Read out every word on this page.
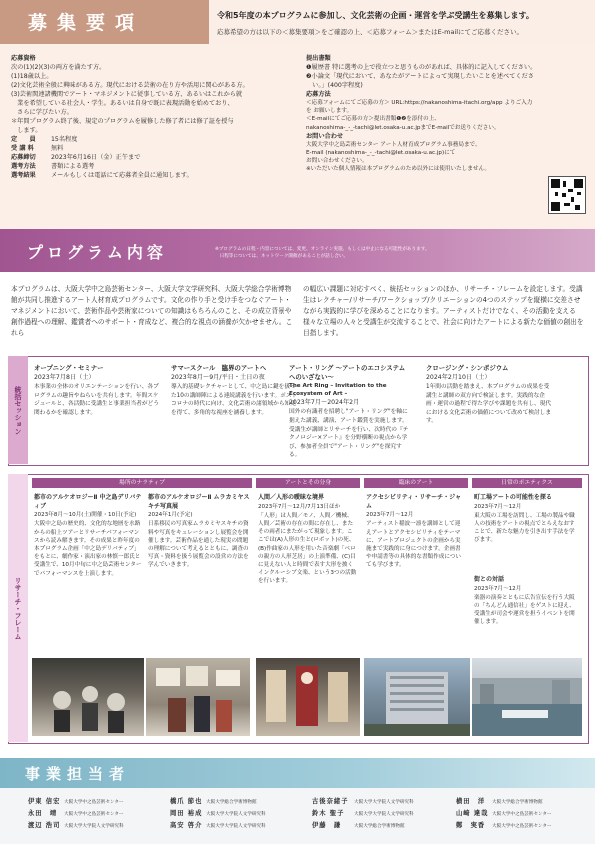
募集要項	令和5年度の本プログラムに参加し、文化芸術の企画・運営を学ぶ受講生を募集します。
応募希望の方は以下の＜募集要項＞をご確認の上、＜応募フォーム＞またはE-mailにてご応募ください。
応募資格
次の(1)(2)(3)の両方を満たす方。
(1)18歳以上。
(2)文化芸術全般に興味がある方。現代における芸術の在り方や活用に関心がある方。
(3)芸術関連諸機関でアート・マネジメントに従事している方、あるいはこれから就
　業を希望している社会人・学生。あるいは自身で既に表現活動を始めており、
　さらに学びたい方。
＊年間プログラム終了後、規定のプログラムを履修した修了者には修了証を授与
　します。
定　　員	15名程度
受 講 料	無料
応募締切	2023年6月16日（金）正午まで
選考方法	書類による選考
選考結果	メールもしくは電話にて応募者全員に通知します。
提出書類
❶履歴書 特に選考の上で役立つと思うものがあれば、具体的に記入してください。
❷小論文「現代において、あなたがアートによって実現したいことを述べてくださ
　い。」(400字程度)
応募方法
＜応募フォームにてご応募の方＞ URL:https://nakanoshima-itachi.org/app よりご入力
を お願いします。
＜E-mailにてご応募の方＞提出書類❶❷を添付の上、
nakanoshima-_-_-tachi@let.osaka-u.ac.jpまでE-mailでお送りください。
お問い合わせ
大阪大学中之島芸術センター アート人材育成プログラム事務局まで、
E-mail (nakanoshima-_-_-tachi@let.osaka-u.ac.jp)にて
お問い合わせください。
※いただいた個人情報は本プログラムのため以外には使用いたしません。
プログラム内容	※プログラムの日程・内容については、変更、オンライン実施、もしくは中止になる可能性があります。
　日程等については、ネットワーク開催があることが話し合い。
本プログラムは、大阪大学中之島芸術センター、大阪大学文学研究科、大阪大学総合学術博物館が共同し推進するアート人材育成プログラムです。文化の作り手と受け手をつなぐアート・マネジメントにおいて、芸術作品や芸術家についての知識はもちろんのこと、その成立背景や創作過程への理解、鑑賞者へのサポート・育成など、複合的な視点の涵養が欠かせません。これら
の幅広い課題に対応すべく、統括セッションのほか、リサーチ・フレームを設定します。受講生はレクチャー/リサーチ/ワークショップ/クリエーションの4つのステップを縦横に交差させながら実践的に学びを深めることになります。アーティストだけでなく、その活動を支える様々な立場の人々と受講生が交流することで、社会に向けたアートによる新たな価値の創出を目指します。
統括セッション
オープニング・セミナー
2023年7月8日（土）
本事業の全体のオリエンテーションを行い、各プログラムの趣旨やねらいを共有します。年間スケジュールと、各活動に受講生と事業担当者がどう関わるかを確認します。
サマースクール　臨界のアートへ
2023年8月〜9月/平日・土日の夜
導入的基礎レクチャーとして、中之島に鍵を扱った10の講師陣による連続講義を行います。ポストコロナの時代に向け、文化芸術の諸領域から知見を得て、多角的な視座を涵養します。
アート・リング 〜アートのエコシステムへのいざない〜
The Art Ring – Invitation to the Ecosystem of Art –
2023年7月〜2024年2月
国外の有識者を招聘し"アート・リング"を軸に据えた講義、講演、アート鑑賞を実施します。受講生が講師とリサーチを行い、次時代の『テクノロジー×アート』を分野横断の視点から学び、参加者全員で"アート・リング"を探究する。
クロージング・シンポジウム
2024年2月10日（土）
1年間の活動を踏まえ、本プログラムの成果を受講生と講師の双方向で検証します。実践的な企画・運営の過程で得た学びや課題を共有し、現代における文化芸術の価値について改めて検討します。
リサーチ・フレーム
場所のナラティブ	アートとその分身	臨床のアート	日常のポエティクス
都市のアルケオロジーⅡ 中之島デリバティブ
2023年8月〜10月(土)開催・10日(予定)
大阪中之島の歴史的、文化的な地層を水路からの船上ツアーとリサーチパフォーマンスから読み解きます。その成果と昨年度の本プログラム企画「中之島デリバティブ」をもとに、劇作家・演出家の林慎一郎氏と受講生で、10月中旬に中之島芸術センターでパフォーマンスを上演します。
都市のアルケオロジーⅡ ムラカミヤスキチ写真展
2024年1月(予定)
日系移民の写真家ムラカミヤスキチの資料や写真をキュレーションし展覧会を開催します。芸術作品を通した現実の問題の理解について考えるとともに、調査の写真・資料を扱う展覧会の設営の方法を学んでいきます。
人間／人形の曖昧な境界
2023年7月〜12月/7月13日ほか
「人形」は人間／モノ、人間／機械、人間／芸術の存在の間に存在し、またその両者にまたがって現象します。ここでは(A)人形の生と(ロボット)の死、(B)作曲家の人形を用いた音楽劇「ベロの親方の人形芝居」の上演準備、(C)目に見えない人と時間で表す大形を披くインクルーシブ文楽、という3つの活動を行います。
アクセシビリティ・リサーチ・ジャム
2023年7月〜12月
アーティスト稲波一凛を講師として迎えアートとアクセシビリティをテーマに、アートプロジェクトの企画から実施まで実践的に身につけます。企画書や申請書等の具体的な書類作成についても学びます。
町工場アートの可能性を探る
2023年7月〜12月
東大阪の工場を訪問し、工場の製品や職人の技術をアートの視点でとらえなおすことで、新たな魅力を引き出す手法を学びます。
街との対話
2023年7月〜12月
楽器の演奏とともに広告宣伝を行う大阪の「ちんどん通信社」をゲストに迎え、受講生が司会や運営を担うイベントを開催します。
事業担当者
伊東 信宏 大阪大学中之島芸術センター
永田　靖 大阪大学中之島芸術センター
渡辺 浩司 大阪大学大学院人文学研究科
橋爪 節也 大阪大学総合学術博物館
岡田 裕成 大阪大学大学院人文学研究科
高安 啓介 大阪大学大学院人文学研究科
古後奈緒子 大阪大学大学院人文学研究科
鈴木 聖子 大阪大学大学院人文学研究科
伊藤　謙	大阪大学総合学術博物館
横田　洋 大阪大学総合学術博物館
山崎 達哉 大阪大学中之島芸術センター
鄭　実香 大阪大学中之島芸術センター
